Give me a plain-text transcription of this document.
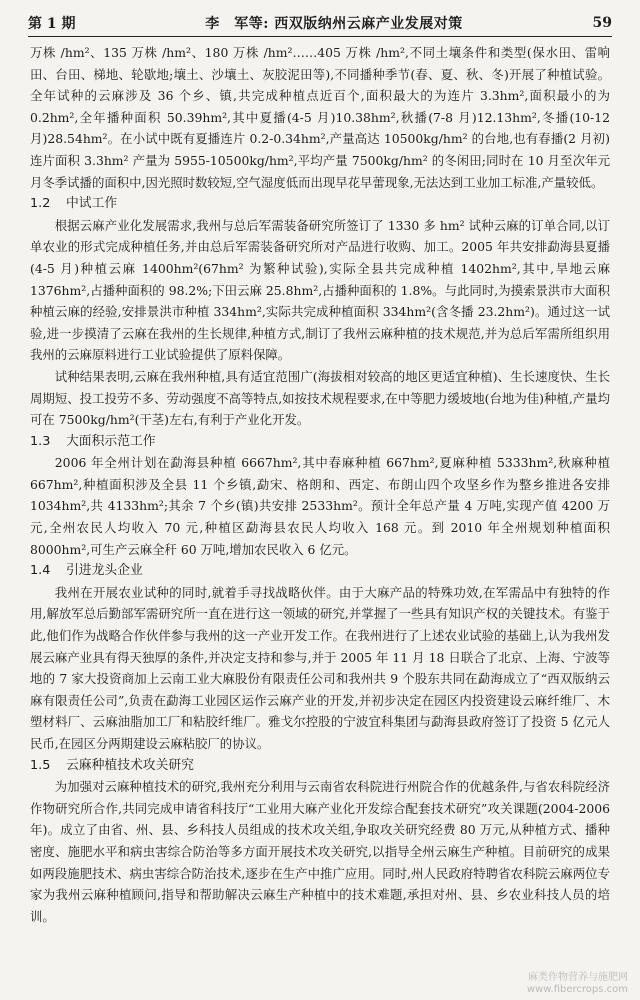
第 1 期	李　军等: 西双版纳州云麻产业发展对策	59

万株 /hm²、135 万株 /hm²、180 万株 /hm²……405 万株 /hm²,不同土壤条件和类型(保水田、雷响田、台田、梯地、轮歇地;壤土、沙壤土、灰胶泥田等),不同播种季节(春、夏、秋、冬)开展了种植试验。全年试种的云麻涉及 36 个乡、镇,共完成种植点近百个,面积最大的为连片 3.3hm²,面积最小的为 0.2hm²,全年播种面积 50.39hm²,其中夏播(4-5 月)10.38hm²,秋播(7-8 月)12.13hm²,冬播(10-12 月)28.54hm²。在小试中既有夏播连片 0.2-0.34hm²,产量高达 10500kg/hm² 的台地,也有春播(2 月初)连片面积 3.3hm² 产量为 5955-10500kg/hm²,平均产量 7500kg/hm² 的冬闲田;同时在 10 月至次年元月冬季试播的面积中,因光照时数较短,空气湿度低而出现早花早蕾现象,无法达到工业加工标准,产量较低。

1.2 中试工作

根据云麻产业化发展需求,我州与总后军需装备研究所签订了 1330 多 hm² 试种云麻的订单合同,以订单农业的形式完成种植任务,并由总后军需装备研究所对产品进行收购、加工。2005 年共安排勐海县夏播(4-5 月)种植云麻 1400hm²(67hm² 为繁种试验),实际全县共完成种植 1402hm²,其中,旱地云麻 1376hm²,占播种面积的 98.2%;下田云麻 25.8hm²,占播种面积的 1.8%。与此同时,为摸索景洪市大面积种植云麻的经验,安排景洪市种植 334hm²,实际共完成种植面积 334hm²(含冬播 23.2hm²)。通过这一试验,进一步摸清了云麻在我州的生长规律,种植方式,制订了我州云麻种植的技术规范,并为总后军需所组织用我州的云麻原料进行工业试验提供了原料保障。

试种结果表明,云麻在我州种植,具有适宜范围广(海拔相对较高的地区更适宜种植)、生长速度快、生长周期短、投工投劳不多、劳动强度不高等特点,如按技术规程要求,在中等肥力缓坡地(台地为佳)种植,产量均可在 7500kg/hm²(干茎)左右,有利于产业化开发。

1.3 大面积示范工作

2006 年全州计划在勐海县种植 6667hm²,其中春麻种植 667hm²,夏麻种植 5333hm²,秋麻种植 667hm²,种植面积涉及全县 11 个乡镇,勐宋、格朗和、西定、布朗山四个攻坚乡作为整乡推进各安排 1034hm²,共 4133hm²;其余 7 个乡(镇)共安排 2533hm²。预计全年总产量 4 万吨,实现产值 4200 万元,全州农民人均收入 70 元,种植区勐海县农民人均收入 168 元。到 2010 年全州规划种植面积 8000hm²,可生产云麻全秆 60 万吨,增加农民收入 6 亿元。

1.4 引进龙头企业

我州在开展农业试种的同时,就着手寻找战略伙伴。由于大麻产品的特殊功效,在军需品中有独特的作用,解放军总后勤部军需研究所一直在进行这一领域的研究,并掌握了一些具有知识产权的关键技术。有鉴于此,他们作为战略合作伙伴参与我州的这一产业开发工作。在我州进行了上述农业试验的基础上,认为我州发展云麻产业具有得天独厚的条件,并决定支持和参与,并于 2005 年 11 月 18 日联合了北京、上海、宁波等地的 7 家大投资商加上云南工业大麻股份有限责任公司和我州共 9 个股东共同在勐海成立了“西双版纳云麻有限责任公司”,负责在勐海工业园区运作云麻产业的开发,并初步决定在园区内投资建设云麻纤维厂、木塑材料厂、云麻油脂加工厂和粘胶纤维厂。雅戈尔控股的宁波宜科集团与勐海县政府签订了投资 5 亿元人民币,在园区分两期建设云麻粘胶厂的协议。

1.5 云麻种植技术攻关研究

为加强对云麻种植技术的研究,我州充分利用与云南省农科院进行州院合作的优越条件,与省农科院经济作物研究所合作,共同完成申请省科技厅“工业用大麻产业化开发综合配套技术研究”攻关课题(2004-2006 年)。成立了由省、州、县、乡科技人员组成的技术攻关组,争取攻关研究经费 80 万元,从种植方式、播种密度、施肥水平和病虫害综合防治等多方面开展技术攻关研究,以指导全州云麻生产种植。目前研究的成果如两段施肥技术、病虫害综合防治技术,逐步在生产中推广应用。同时,州人民政府特聘省农科院云麻两位专家为我州云麻种植顾问,指导和帮助解决云麻生产种植中的技术难题,承担对州、县、乡农业科技人员的培训。

麻类作物营养与施肥网
www.fibercrops.com
